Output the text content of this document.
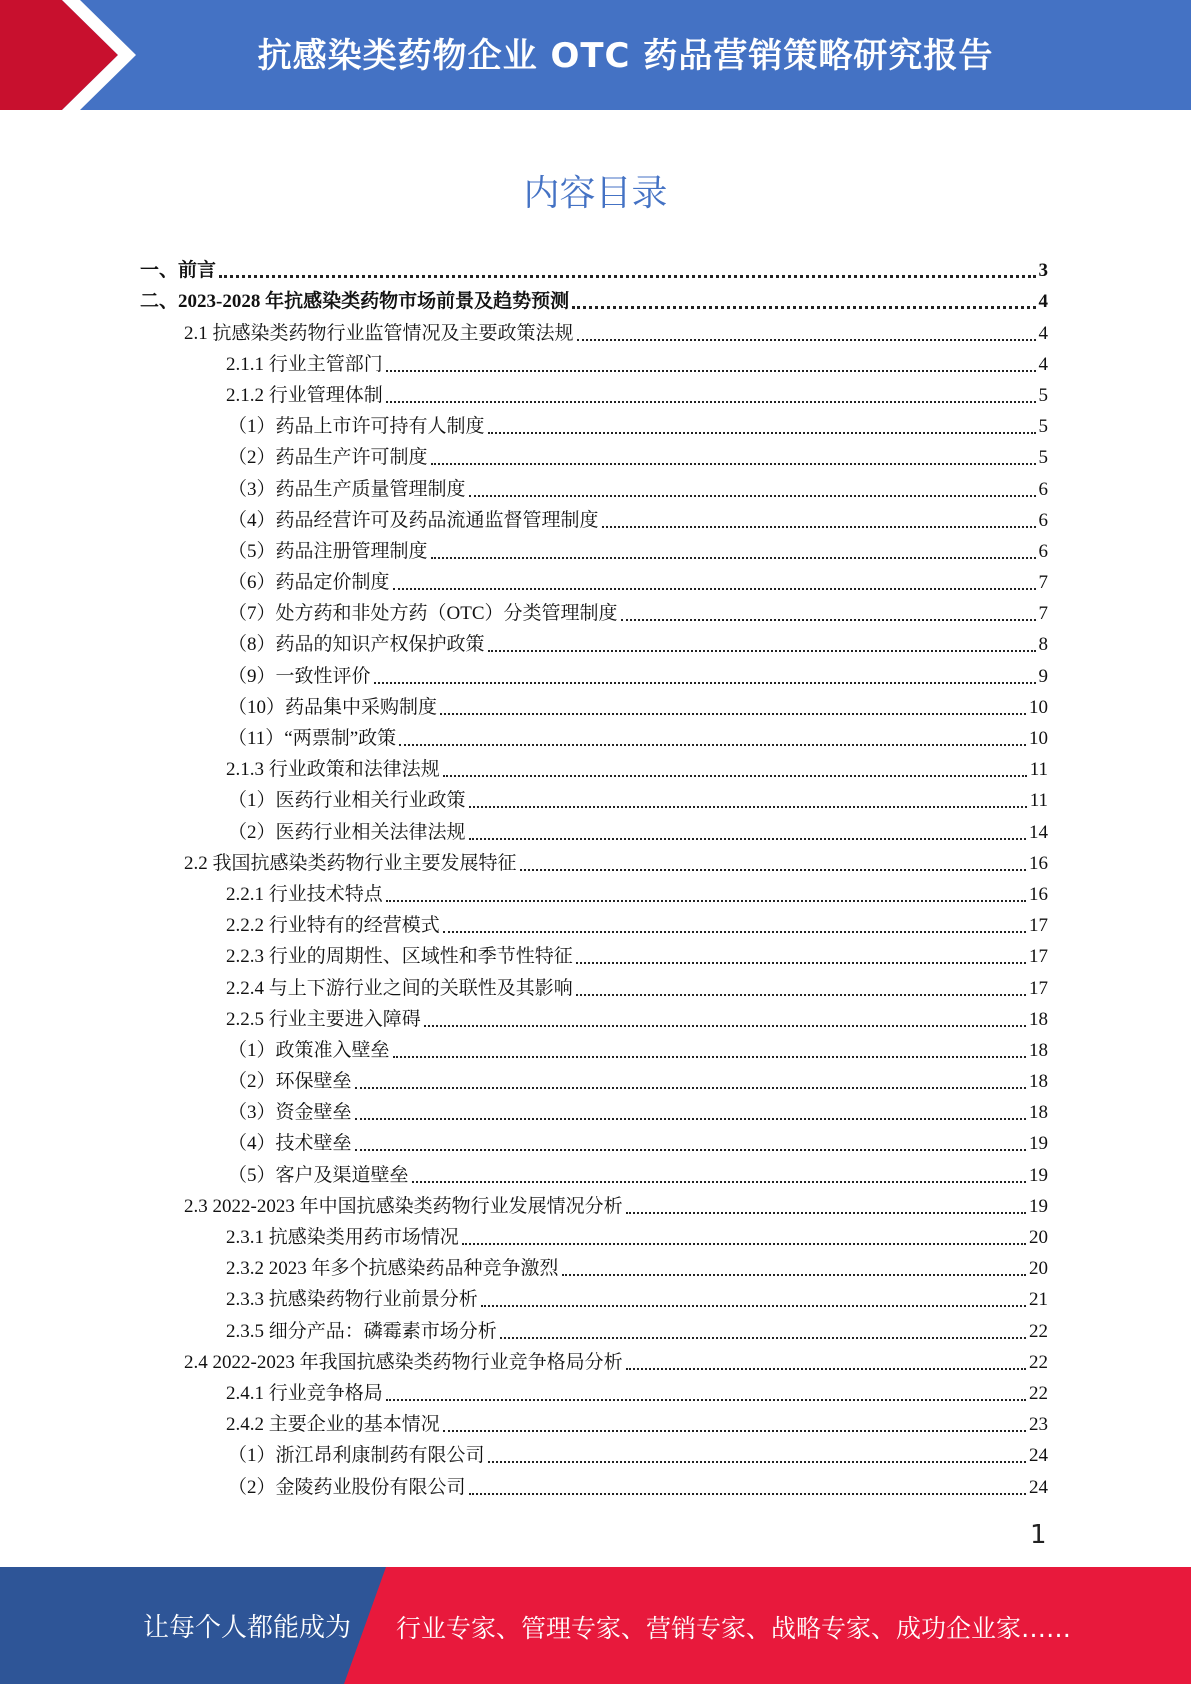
抗感染类药物企业 OTC 药品营销策略研究报告
内容目录
一、前言	3
二、2023-2028 年抗感染类药物市场前景及趋势预测	4
2.1 抗感染类药物行业监管情况及主要政策法规	4
2.1.1 行业主管部门	4
2.1.2 行业管理体制	5
（1）药品上市许可持有人制度	5
（2）药品生产许可制度	5
（3）药品生产质量管理制度	6
（4）药品经营许可及药品流通监督管理制度	6
（5）药品注册管理制度	6
（6）药品定价制度	7
（7）处方药和非处方药（OTC）分类管理制度	7
（8）药品的知识产权保护政策	8
（9）一致性评价	9
（10）药品集中采购制度	10
（11）“两票制”政策	10
2.1.3 行业政策和法律法规	11
（1）医药行业相关行业政策	11
（2）医药行业相关法律法规	14
2.2 我国抗感染类药物行业主要发展特征	16
2.2.1 行业技术特点	16
2.2.2 行业特有的经营模式	17
2.2.3 行业的周期性、区域性和季节性特征	17
2.2.4 与上下游行业之间的关联性及其影响	17
2.2.5 行业主要进入障碍	18
（1）政策准入壁垒	18
（2）环保壁垒	18
（3）资金壁垒	18
（4）技术壁垒	19
（5）客户及渠道壁垒	19
2.3 2022-2023 年中国抗感染类药物行业发展情况分析	19
2.3.1 抗感染类用药市场情况	20
2.3.2 2023 年多个抗感染药品种竞争激烈	20
2.3.3 抗感染药物行业前景分析	21
2.3.5 细分产品：磷霉素市场分析	22
2.4 2022-2023 年我国抗感染类药物行业竞争格局分析	22
2.4.1 行业竞争格局	22
2.4.2 主要企业的基本情况	23
（1）浙江昂利康制药有限公司	24
（2）金陵药业股份有限公司	24
1
让每个人都能成为 行业专家、管理专家、营销专家、战略专家、成功企业家……
